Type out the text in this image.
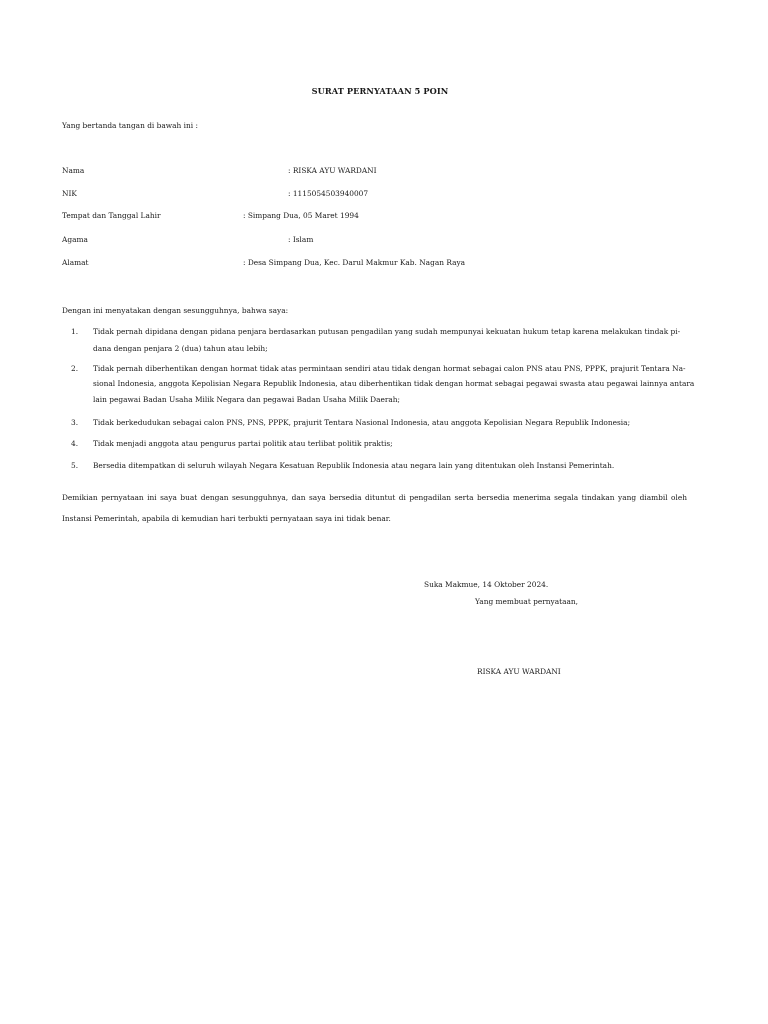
SURAT PERNYATAAN 5 POIN
Yang bertanda tangan di bawah ini :
Nama	: RISKA AYU WARDANI
NIK	: 1115054503940007
Tempat dan Tanggal Lahir	: Simpang Dua, 05 Maret 1994
Agama	: Islam
Alamat	: Desa Simpang Dua, Kec. Darul Makmur Kab. Nagan Raya
Dengan ini menyatakan dengan sesungguhnya, bahwa saya:
1. Tidak pernah dipidana dengan pidana penjara berdasarkan putusan pengadilan yang sudah mempunyai kekuatan hukum tetap karena melakukan tindak pi-
dana dengan penjara 2 (dua) tahun atau lebih;
2. Tidak pernah diberhentikan dengan hormat tidak atas permintaan sendiri atau tidak dengan hormat sebagai calon PNS atau PNS, PPPK, prajurit Tentara Na-
sional Indonesia, anggota Kepolisian Negara Republik Indonesia, atau diberhentikan tidak dengan hormat sebagai pegawai swasta atau pegawai lainnya antara
lain pegawai Badan Usaha Milik Negara dan pegawai Badan Usaha Milik Daerah;
3. Tidak berkedudukan sebagai calon PNS, PNS, PPPK, prajurit Tentara Nasional Indonesia, atau anggota Kepolisian Negara Republik Indonesia;
4. Tidak menjadi anggota atau pengurus partai politik atau terlibat politik praktis;
5. Bersedia ditempatkan di seluruh wilayah Negara Kesatuan Republik Indonesia atau negara lain yang ditentukan oleh Instansi Pemerintah.
Demikian pernyataan ini saya buat dengan sesungguhnya, dan saya bersedia dituntut di pengadilan serta bersedia menerima segala tindakan yang diambil oleh Instansi Pemerintah, apabila di kemudian hari terbukti pernyataan saya ini tidak benar.
Suka Makmue, 14 Oktober 2024.
Yang membuat pernyataan,
RISKA AYU WARDANI
